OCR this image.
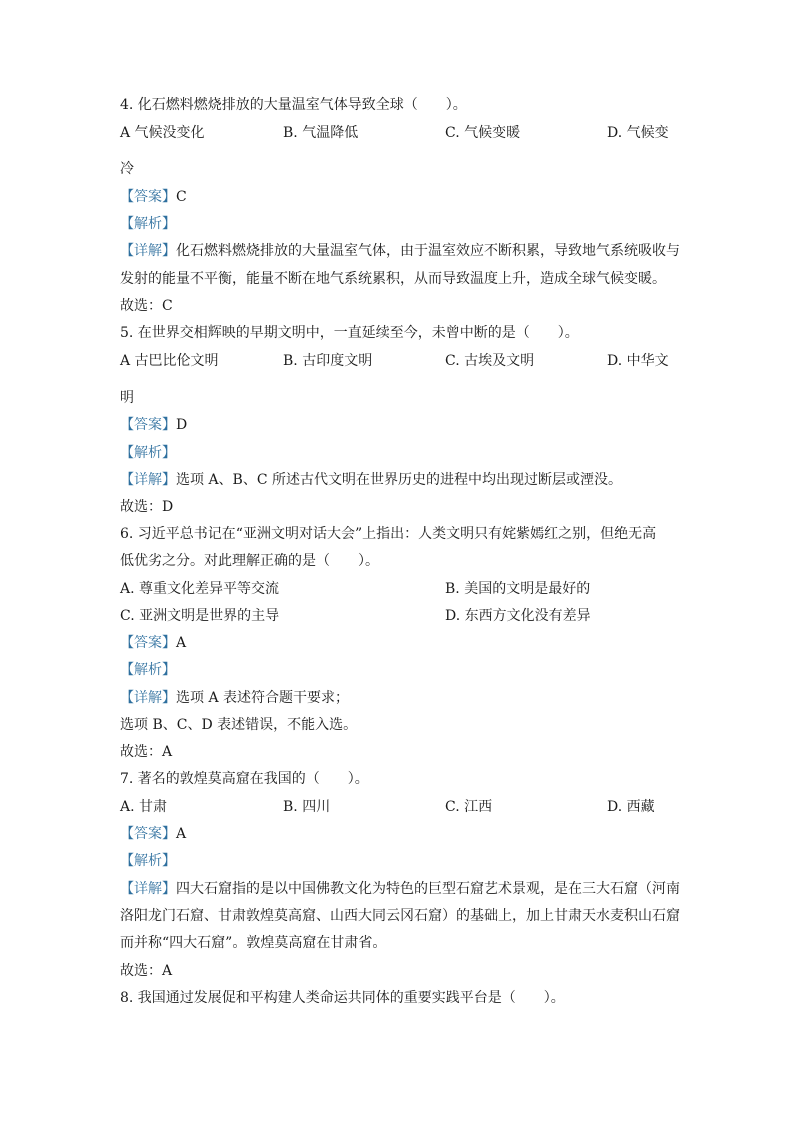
4. 化石燃料燃烧排放的大量温室气体导致全球（　　）。
A 气候没变化	B. 气温降低	C. 气候变暖	D. 气候变
冷
【答案】C
【解析】
【详解】化石燃料燃烧排放的大量温室气体，由于温室效应不断积累，导致地气系统吸收与
发射的能量不平衡，能量不断在地气系统累积，从而导致温度上升，造成全球气候变暖。
故选：C
5. 在世界交相辉映的早期文明中，一直延续至今，未曾中断的是（　　）。
A 古巴比伦文明	B. 古印度文明	C. 古埃及文明	D. 中华文
明
【答案】D
【解析】
【详解】选项 A、B、C 所述古代文明在世界历史的进程中均出现过断层或湮没。
故选：D
6. 习近平总书记在“亚洲文明对话大会”上指出：人类文明只有姹紫嫣红之别，但绝无高
低优劣之分。对此理解正确的是（　　）。
A. 尊重文化差异平等交流	B. 美国的文明是最好的
C. 亚洲文明是世界的主导	D. 东西方文化没有差异
【答案】A
【解析】
【详解】选项 A 表述符合题干要求；
选项 B、C、D 表述错误，不能入选。
故选：A
7. 著名的敦煌莫高窟在我国的（　　）。
A. 甘肃	B. 四川	C. 江西	D. 西藏
【答案】A
【解析】
【详解】四大石窟指的是以中国佛教文化为特色的巨型石窟艺术景观，是在三大石窟（河南
洛阳龙门石窟、甘肃敦煌莫高窟、山西大同云冈石窟）的基础上，加上甘肃天水麦积山石窟
而并称“四大石窟”。敦煌莫高窟在甘肃省。
故选：A
8. 我国通过发展促和平构建人类命运共同体的重要实践平台是（　　）。
